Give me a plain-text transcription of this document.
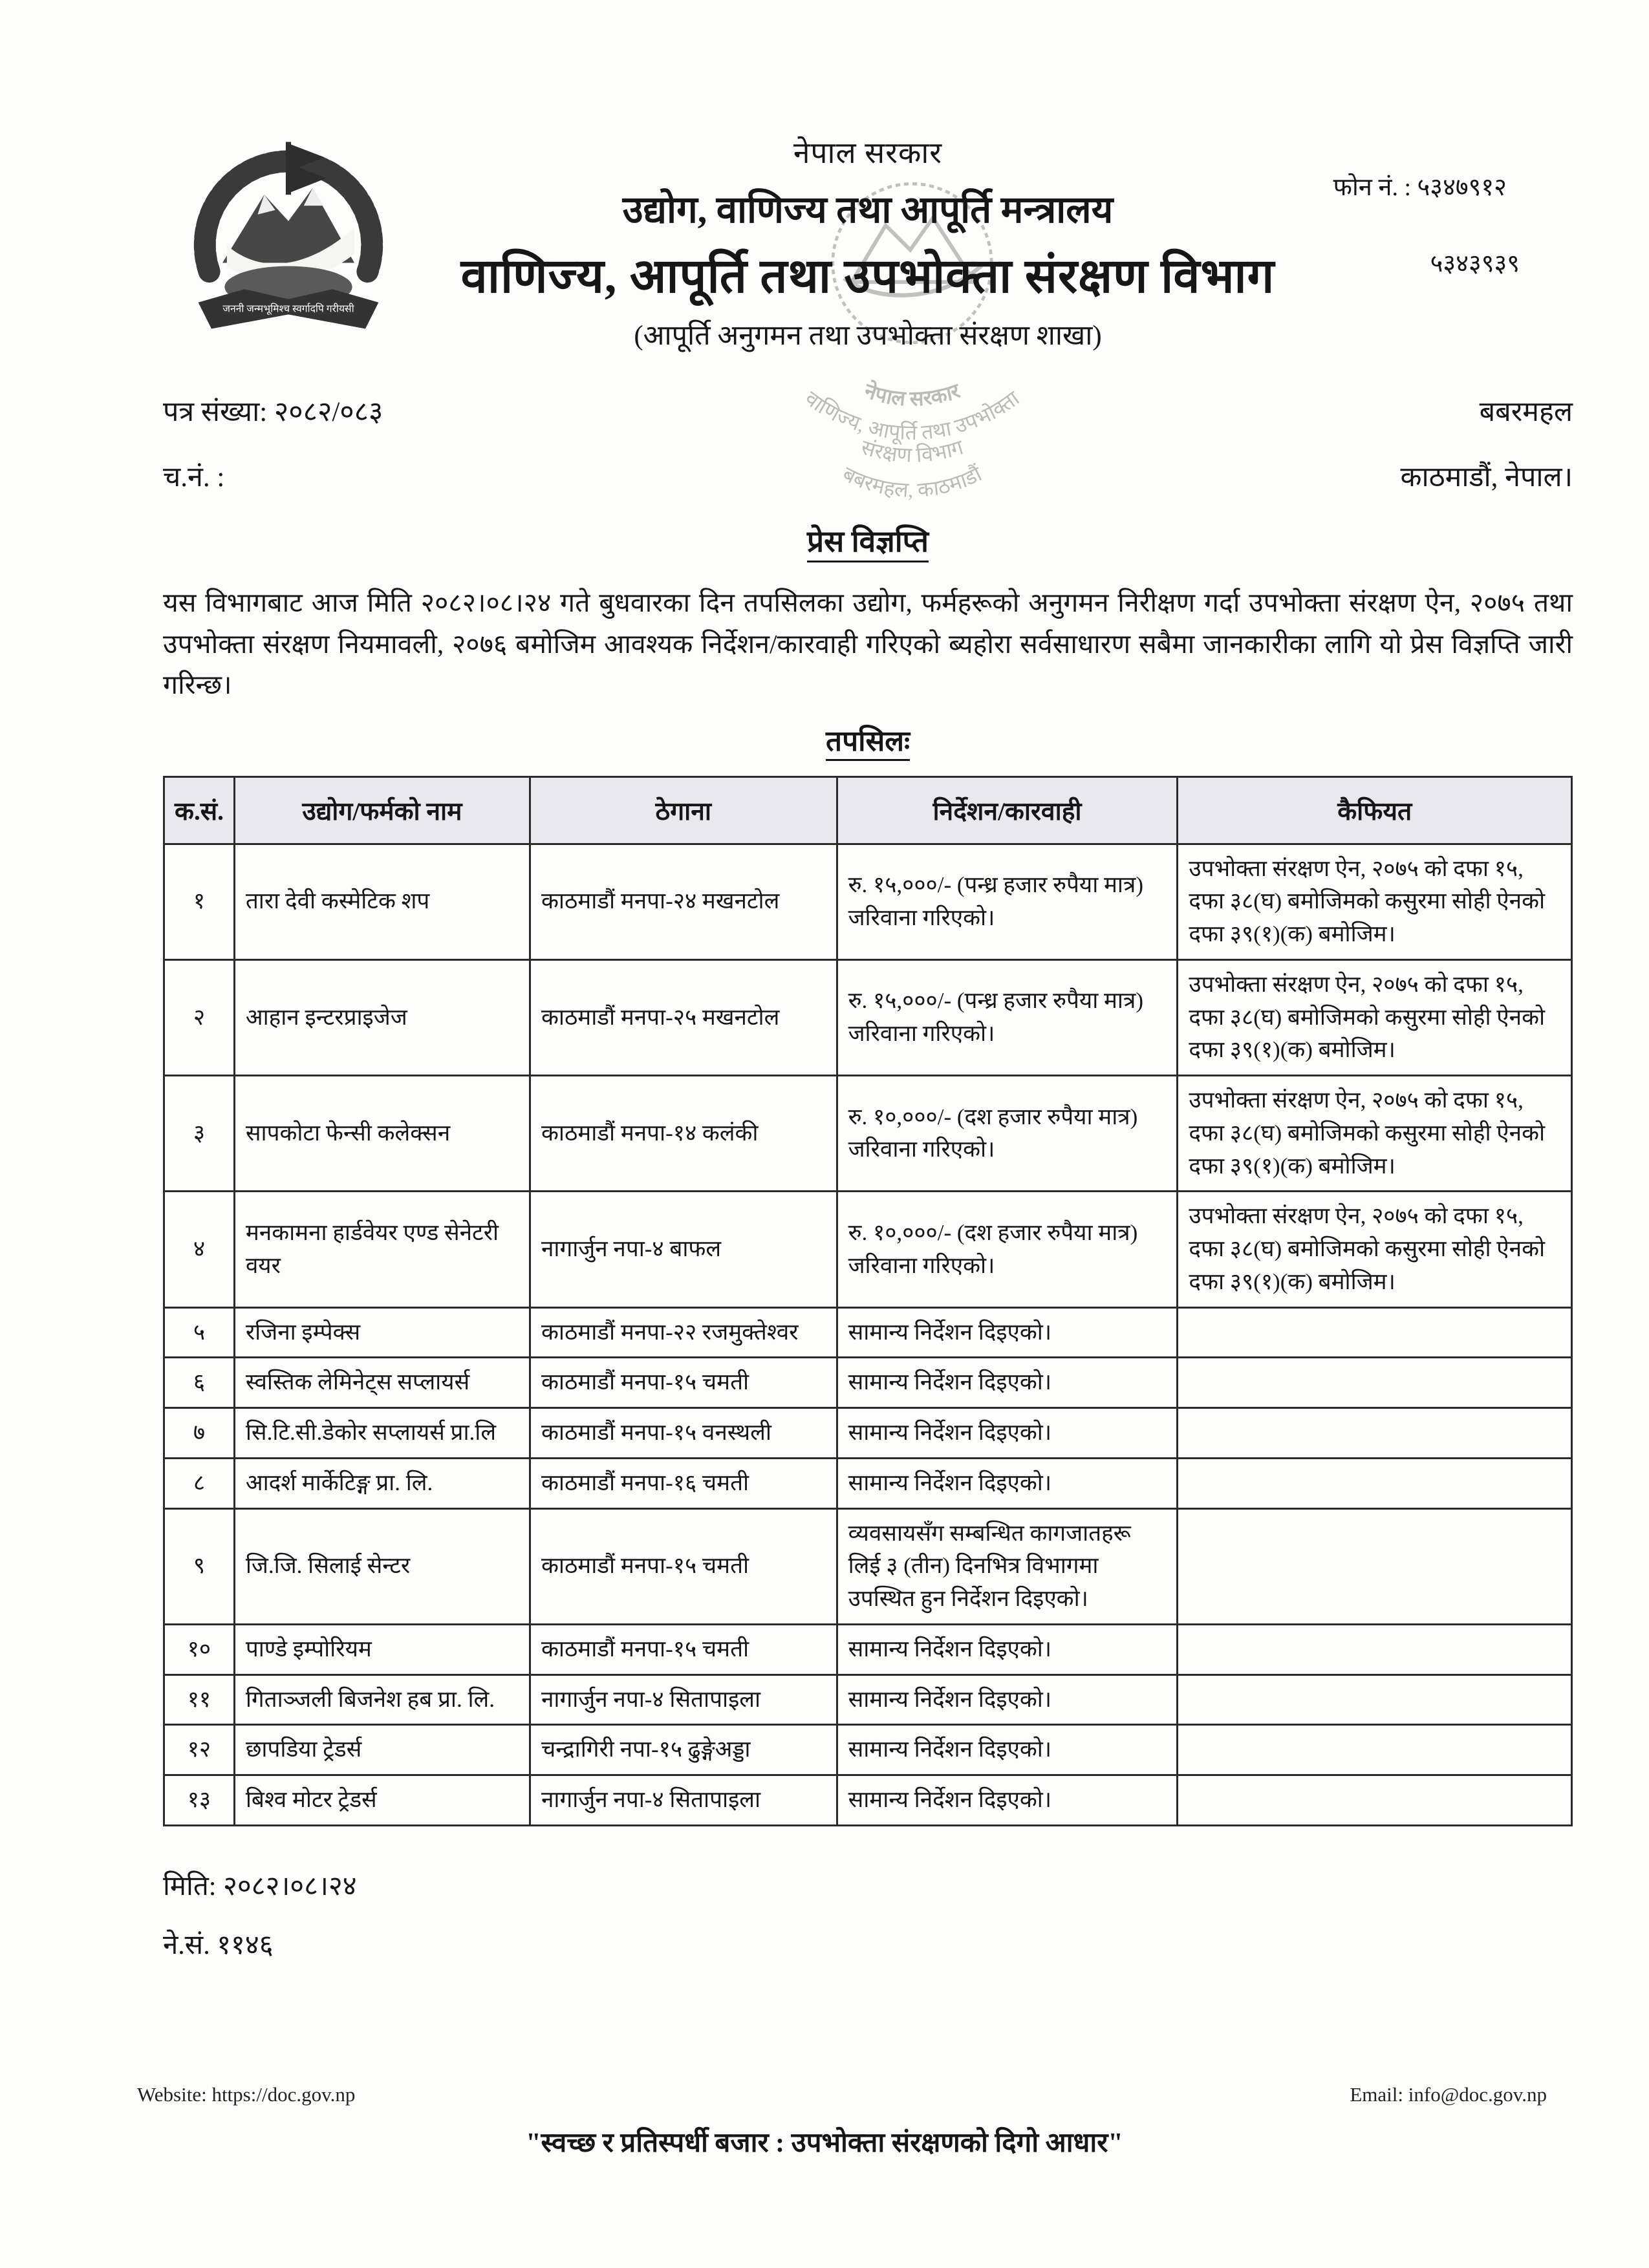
जननी जन्मभूमिश्च स्वर्गादपि गरीयसी
नेपाल सरकार
वाणिज्य, आपूर्ति तथा उपभोक्ता
संरक्षण विभाग
बबरमहल, काठमाडौं
फोन नं. : ५३४७९१२
५३४३९३९
नेपाल सरकार
उद्योग, वाणिज्य तथा आपूर्ति मन्त्रालय
वाणिज्य, आपूर्ति तथा उपभोक्ता संरक्षण विभाग
(आपूर्ति अनुगमन तथा उपभोक्ता संरक्षण शाखा)
पत्र संख्या: २०८२/०८३	बबरमहल
च.नं. :	काठमाडौं, नेपाल।
प्रेस विज्ञप्ति

यस विभागबाट आज मिति २०८२।०८।२४ गते बुधवारका दिन तपसिलका उद्योग, फर्महरूको अनुगमन निरीक्षण गर्दा उपभोक्ता संरक्षण ऐन, २०७५ तथा उपभोक्ता संरक्षण नियमावली, २०७६ बमोजिम आवश्यक निर्देशन/कारवाही गरिएको ब्यहोरा सर्वसाधारण सबैमा जानकारीका लागि यो प्रेस विज्ञप्ति जारी गरिन्छ।

तपसिलः
क.सं.	उद्योग/फर्मको नाम	ठेगाना	निर्देशन/कारवाही	कैफियत
१	तारा देवी कस्मेटिक शप	काठमाडौं मनपा-२४ मखनटोल	रु. १५,०००/- (पन्ध्र हजार रुपैया मात्र) जरिवाना गरिएको।	उपभोक्ता संरक्षण ऐन, २०७५ को दफा १५, दफा ३८(घ) बमोजिमको कसुरमा सोही ऐनको दफा ३९(१)(क) बमोजिम।
२	आहान इन्टरप्राइजेज	काठमाडौं मनपा-२५ मखनटोल	रु. १५,०००/- (पन्ध्र हजार रुपैया मात्र) जरिवाना गरिएको।	उपभोक्ता संरक्षण ऐन, २०७५ को दफा १५, दफा ३८(घ) बमोजिमको कसुरमा सोही ऐनको दफा ३९(१)(क) बमोजिम।
३	सापकोटा फेन्सी कलेक्सन	काठमाडौं मनपा-१४ कलंकी	रु. १०,०००/- (दश हजार रुपैया मात्र) जरिवाना गरिएको।	उपभोक्ता संरक्षण ऐन, २०७५ को दफा १५, दफा ३८(घ) बमोजिमको कसुरमा सोही ऐनको दफा ३९(१)(क) बमोजिम।
४	मनकामना हार्डवेयर एण्ड सेनेटरी वयर	नागार्जुन नपा-४ बाफल	रु. १०,०००/- (दश हजार रुपैया मात्र) जरिवाना गरिएको।	उपभोक्ता संरक्षण ऐन, २०७५ को दफा १५, दफा ३८(घ) बमोजिमको कसुरमा सोही ऐनको दफा ३९(१)(क) बमोजिम।
५	रजिना इम्पेक्स	काठमाडौं मनपा-२२ रजमुक्तेश्वर	सामान्य निर्देशन दिइएको।	
६	स्वस्तिक लेमिनेट्स सप्लायर्स	काठमाडौं मनपा-१५ चमती	सामान्य निर्देशन दिइएको।	
७	सि.टि.सी.डेकोर सप्लायर्स प्रा.लि	काठमाडौं मनपा-१५ वनस्थली	सामान्य निर्देशन दिइएको।	
८	आदर्श मार्केटिङ्ग प्रा. लि.	काठमाडौं मनपा-१६ चमती	सामान्य निर्देशन दिइएको।	
९	जि.जि. सिलाई सेन्टर	काठमाडौं मनपा-१५ चमती	व्यवसायसँग सम्बन्धित कागजातहरू लिई ३ (तीन) दिनभित्र विभागमा उपस्थित हुन निर्देशन दिइएको।	
१०	पाण्डे इम्पोरियम	काठमाडौं मनपा-१५ चमती	सामान्य निर्देशन दिइएको।	
११	गिताञ्जली बिजनेश हब प्रा. लि.	नागार्जुन नपा-४ सितापाइला	सामान्य निर्देशन दिइएको।	
१२	छापडिया ट्रेडर्स	चन्द्रागिरी नपा-१५ ढुङ्गेअड्डा	सामान्य निर्देशन दिइएको।	
१३	बिश्व मोटर ट्रेडर्स	नागार्जुन नपा-४ सितापाइला	सामान्य निर्देशन दिइएको।	
मिति: २०८२।०८।२४
ने.सं. ११४६
Website: https://doc.gov.np	Email: info@doc.gov.np
"स्वच्छ र प्रतिस्पर्धी बजार : उपभोक्ता संरक्षणको दिगो आधार"
